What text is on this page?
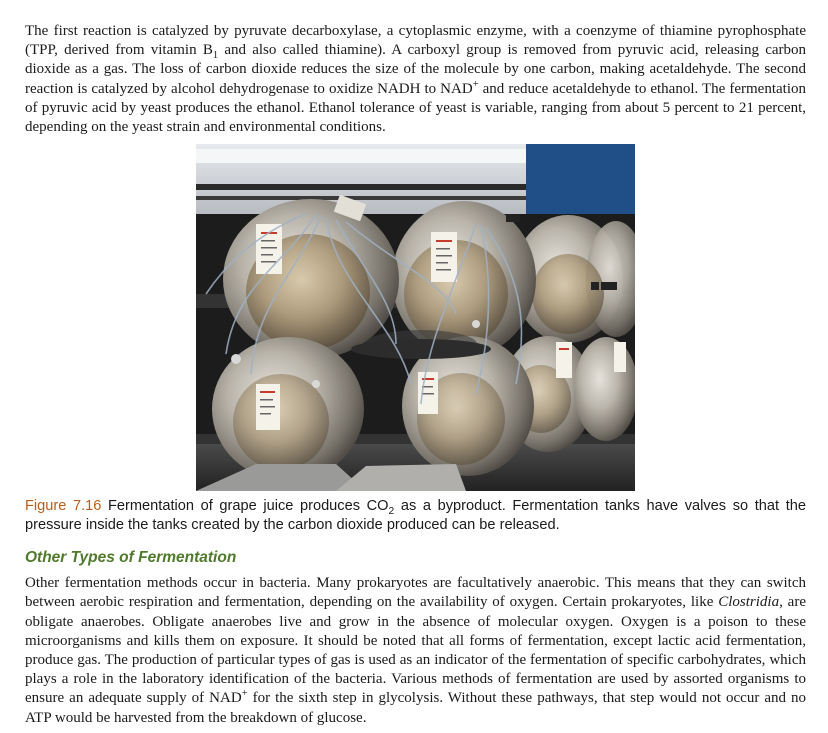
The first reaction is catalyzed by pyruvate decarboxylase, a cytoplasmic enzyme, with a coenzyme of thiamine pyrophosphate (TPP, derived from vitamin $B_1$ and also called thiamine). A carboxyl group is removed from pyruvic acid, releasing carbon dioxide as a gas. The loss of carbon dioxide reduces the size of the molecule by one carbon, making acetaldehyde. The second reaction is catalyzed by alcohol dehydrogenase to oxidize NADH to NAD+ and reduce acetaldehyde to ethanol. The fermentation of pyruvic acid by yeast produces the ethanol. Ethanol tolerance of yeast is variable, ranging from about 5 percent to 21 percent, depending on the yeast strain and environmental conditions.

Figure 7.16 Fermentation of grape juice produces $CO_2$ as a byproduct. Fermentation tanks have valves so that the pressure inside the tanks created by the carbon dioxide produced can be released.

Other Types of Fermentation

Other fermentation methods occur in bacteria. Many prokaryotes are facultatively anaerobic. This means that they can switch between aerobic respiration and fermentation, depending on the availability of oxygen. Certain prokaryotes, like Clostridia, are obligate anaerobes. Obligate anaerobes live and grow in the absence of molecular oxygen. Oxygen is a poison to these microorganisms and kills them on exposure. It should be noted that all forms of fermentation, except lactic acid fermentation, produce gas. The production of particular types of gas is used as an indicator of the fermentation of specific carbohydrates, which plays a role in the laboratory identification of the bacteria. Various methods of fermentation are used by assorted organisms to ensure an adequate supply of NAD+ for the sixth step in glycolysis. Without these pathways, that step would not occur and no ATP would be harvested from the breakdown of glucose.
